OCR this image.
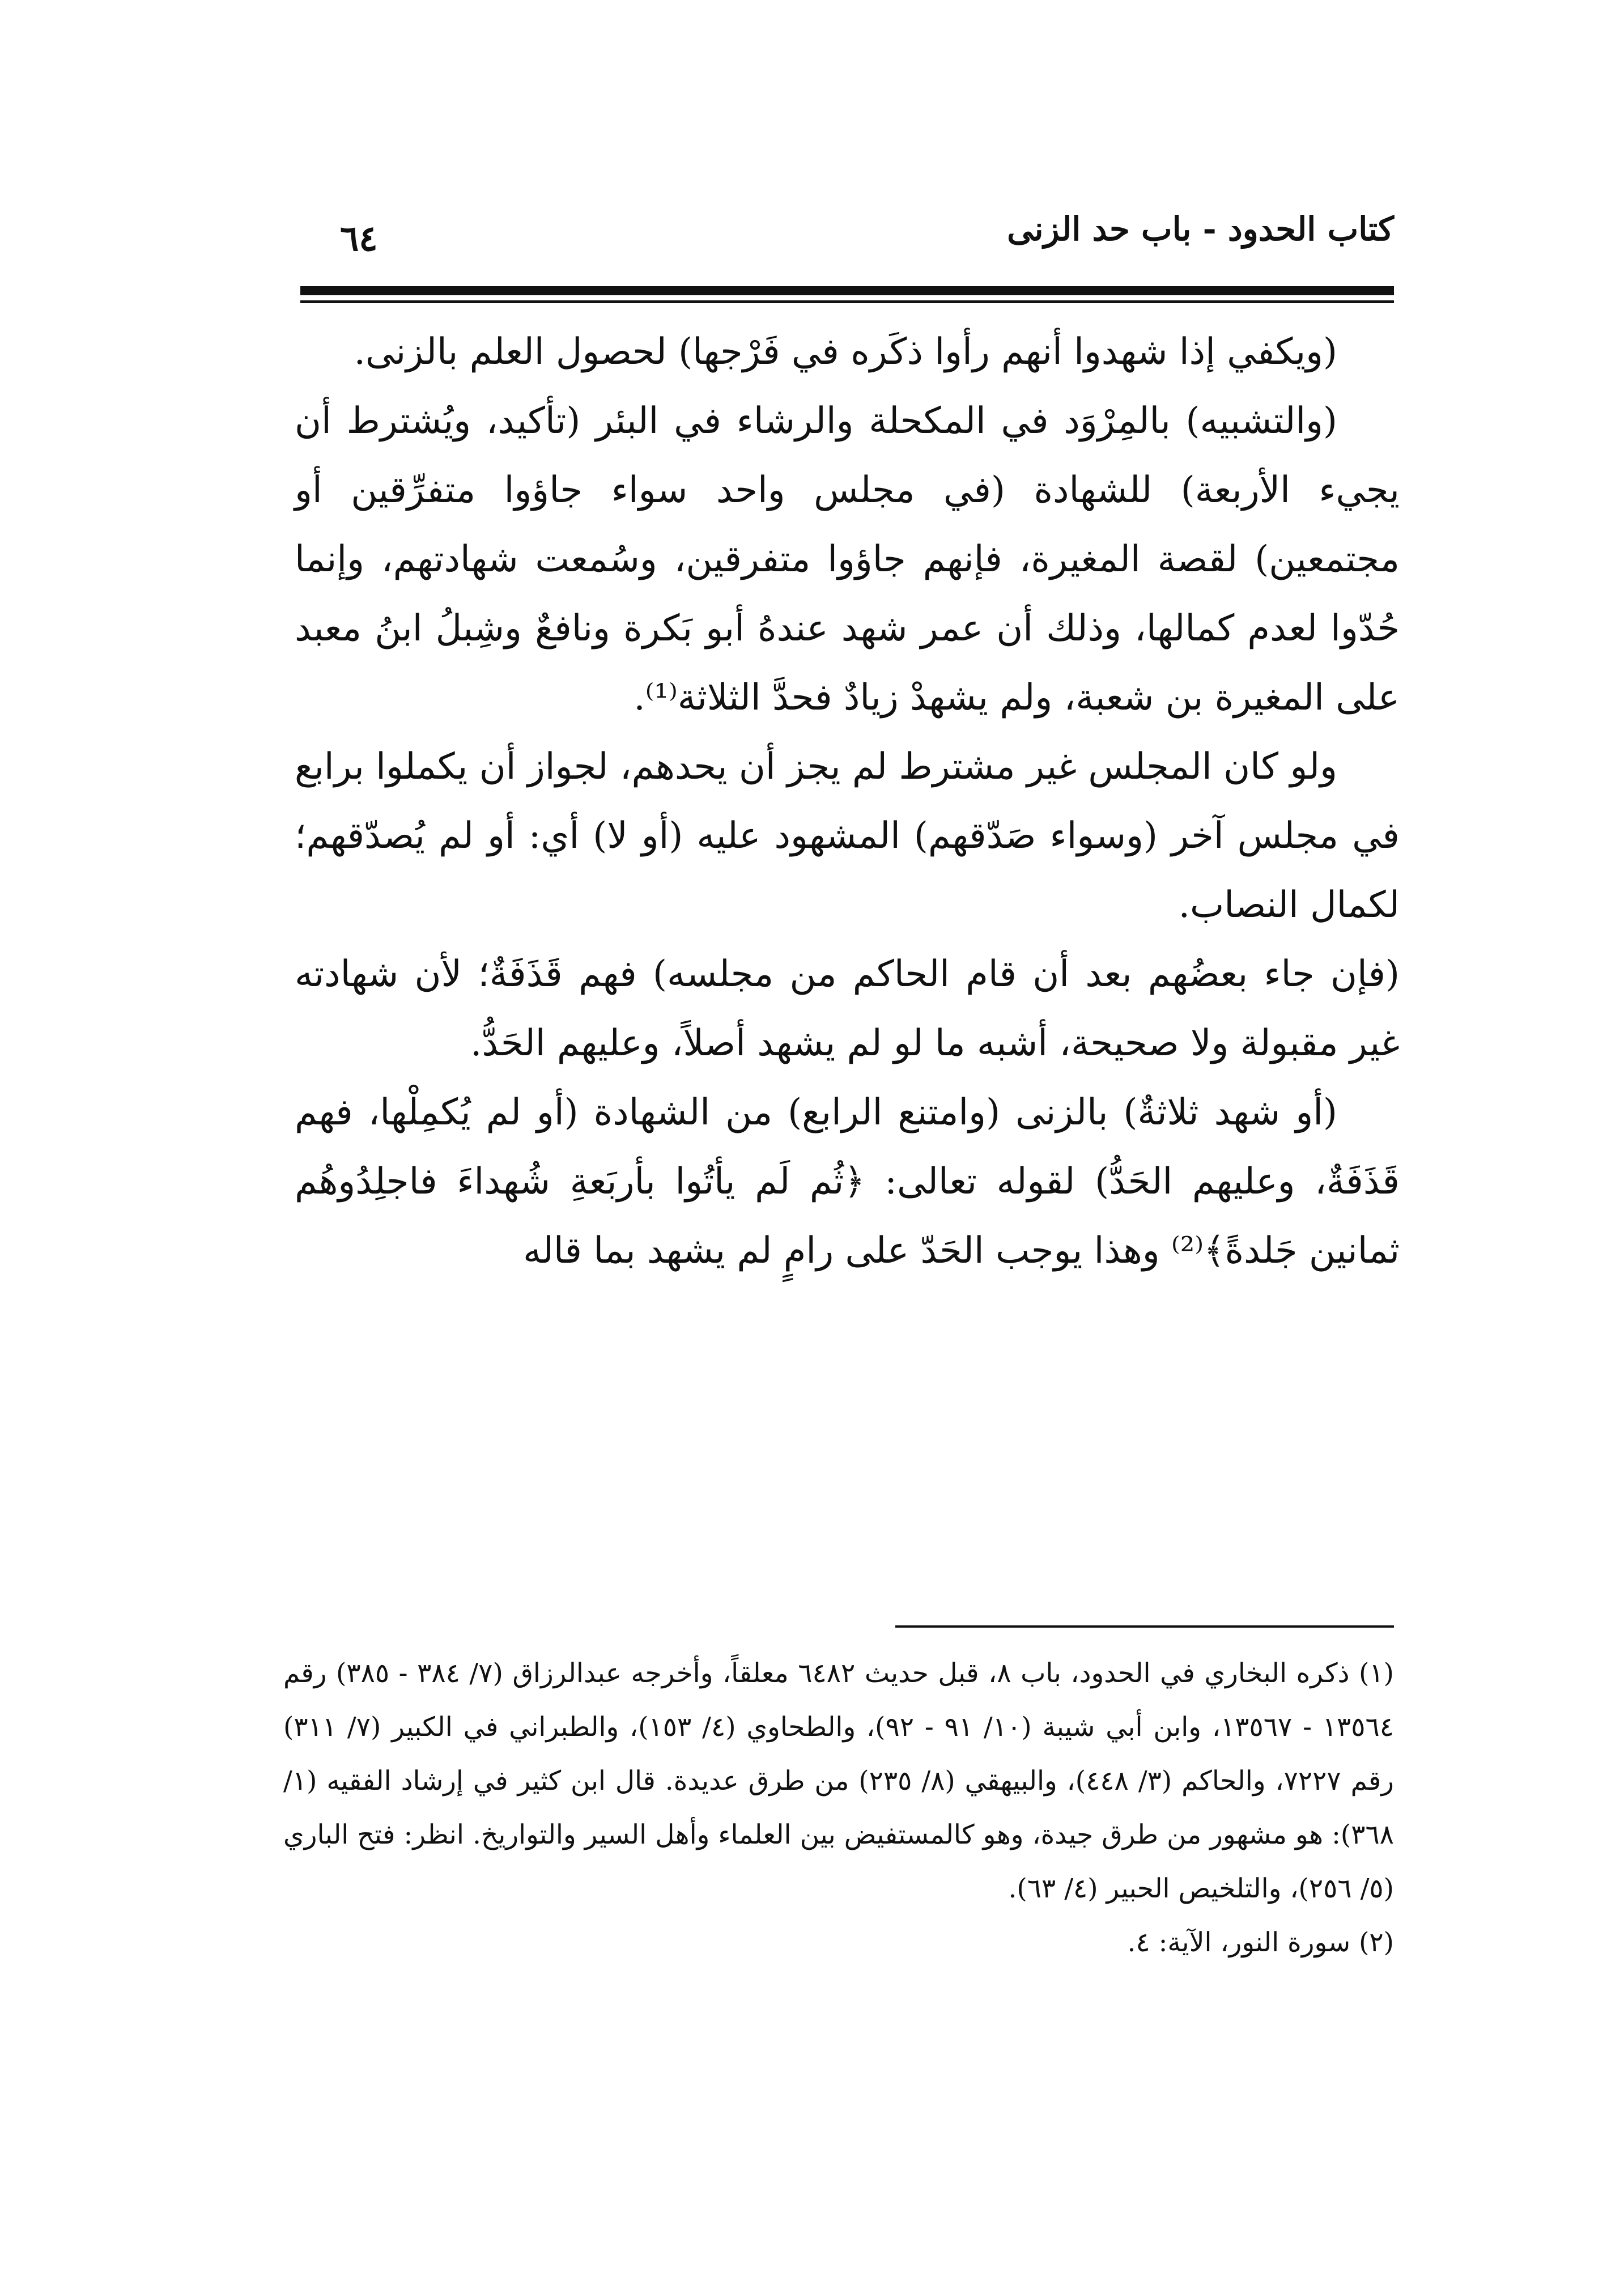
كتاب الحدود - باب حد الزنى
٦٤

(ويكفي إذا شهدوا أنهم رأوا ذكَره في فَرْجها) لحصول العلم بالزنى.

(والتشبيه) بالمِرْوَد في المكحلة والرشاء في البئر (تأكيد، ويُشترط أن يجيء الأربعة) للشهادة (في مجلس واحد سواء جاؤوا متفرِّقين أو مجتمعين) لقصة المغيرة، فإنهم جاؤوا متفرقين، وسُمعت شهادتهم، وإنما حُدّوا لعدم كمالها، وذلك أن عمر شهد عندهُ أبو بَكرة ونافعٌ وشِبلُ ابنُ معبد على المغيرة بن شعبة، ولم يشهدْ زيادٌ فحدَّ الثلاثة⁽¹⁾.

ولو كان المجلس غير مشترط لم يجز أن يحدهم، لجواز أن يكملوا برابع في مجلس آخر (وسواء صَدّقهم) المشهود عليه (أو لا) أي: أو لم يُصدّقهم؛ لكمال النصاب.

(فإن جاء بعضُهم بعد أن قام الحاكم من مجلسه) فهم قَذَفَةٌ؛ لأن شهادته غير مقبولة ولا صحيحة، أشبه ما لو لم يشهد أصلاً، وعليهم الحَدُّ.

(أو شهد ثلاثةٌ) بالزنى (وامتنع الرابع) من الشهادة (أو لم يُكمِلْها، فهم قَذَفَةٌ، وعليهم الحَدُّ) لقوله تعالى: ﴿ثُم لَم يأتُوا بأربَعةِ شُهداءَ فاجلِدُوهُم ثمانين جَلدةً﴾⁽²⁾ وهذا يوجب الحَدّ على رامٍ لم يشهد بما قاله

(١) ذكره البخاري في الحدود، باب ٨، قبل حديث ٦٤٨٢ معلقاً، وأخرجه عبدالرزاق (٧/ ٣٨٤ - ٣٨٥) رقم ١٣٥٦٤ - ١٣٥٦٧، وابن أبي شيبة (١٠/ ٩١ - ٩٢)، والطحاوي (٤/ ١٥٣)، والطبراني في الكبير (٧/ ٣١١) رقم ٧٢٢٧، والحاكم (٣/ ٤٤٨)، والبيهقي (٨/ ٢٣٥) من طرق عديدة. قال ابن كثير في إرشاد الفقيه (١/ ٣٦٨): هو مشهور من طرق جيدة، وهو كالمستفيض بين العلماء وأهل السير والتواريخ. انظر: فتح الباري (٥/ ٢٥٦)، والتلخيص الحبير (٤/ ٦٣).

(٢) سورة النور، الآية: ٤.
